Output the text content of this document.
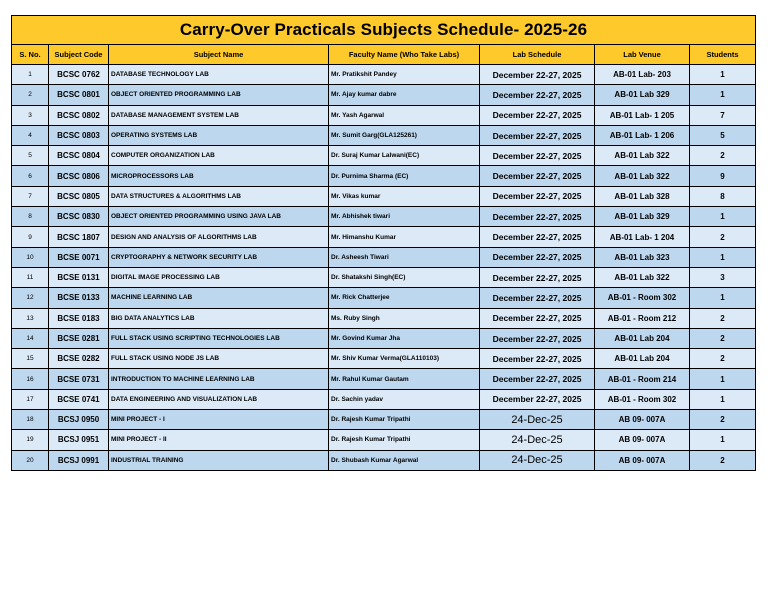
Carry-Over Practicals Subjects Schedule- 2025-26						
S. No.	Subject Code	Subject Name	Faculty Name (Who Take Labs)	Lab Schedule	Lab Venue	Students
1	BCSC 0762	DATABASE TECHNOLOGY LAB	Mr. Pratikshit Pandey	December 22-27, 2025	AB-01 Lab- 203	1
2	BCSC 0801	OBJECT ORIENTED PROGRAMMING LAB	Mr. Ajay kumar dabre	December 22-27, 2025	AB-01 Lab 329	1
3	BCSC 0802	DATABASE MANAGEMENT SYSTEM LAB	Mr. Yash Agarwal	December 22-27, 2025	AB-01 Lab- 1 205	7
4	BCSC 0803	OPERATING SYSTEMS LAB	Mr. Sumit Garg(GLA125261)	December 22-27, 2025	AB-01 Lab- 1 206	5
5	BCSC 0804	COMPUTER ORGANIZATION LAB	Dr. Suraj Kumar Lalwani(EC)	December 22-27, 2025	AB-01 Lab 322	2
6	BCSC 0806	MICROPROCESSORS LAB	Dr. Purnima Sharma (EC)	December 22-27, 2025	AB-01 Lab 322	9
7	BCSC 0805	DATA STRUCTURES & ALGORITHMS LAB	Mr. Vikas kumar	December 22-27, 2025	AB-01 Lab 328	8
8	BCSC 0830	OBJECT ORIENTED PROGRAMMING USING JAVA LAB	Mr. Abhishek tiwari	December 22-27, 2025	AB-01 Lab 329	1
9	BCSC 1807	DESIGN AND ANALYSIS OF ALGORITHMS LAB	Mr. Himanshu Kumar	December 22-27, 2025	AB-01 Lab- 1 204	2
10	BCSE 0071	CRYPTOGRAPHY & NETWORK SECURITY LAB	Dr. Asheesh Tiwari	December 22-27, 2025	AB-01 Lab 323	1
11	BCSE 0131	DIGITAL IMAGE PROCESSING LAB	Dr. Shatakshi Singh(EC)	December 22-27, 2025	AB-01 Lab 322	3
12	BCSE 0133	MACHINE LEARNING LAB	Mr. Rick Chatterjee	December 22-27, 2025	AB-01 - Room 302	1
13	BCSE 0183	BIG DATA ANALYTICS LAB	Ms. Ruby Singh	December 22-27, 2025	AB-01 - Room 212	2
14	BCSE 0281	FULL STACK USING SCRIPTING TECHNOLOGIES LAB	Mr. Govind Kumar Jha	December 22-27, 2025	AB-01 Lab 204	2
15	BCSE 0282	FULL STACK USING NODE JS LAB	Mr. Shiv Kumar Verma(GLA110103)	December 22-27, 2025	AB-01 Lab 204	2
16	BCSE 0731	INTRODUCTION TO MACHINE LEARNING LAB	Mr. Rahul Kumar Gautam	December 22-27, 2025	AB-01 - Room 214	1
17	BCSE 0741	DATA ENGINEERING AND VISUALIZATION LAB	Dr. Sachin yadav	December 22-27, 2025	AB-01 - Room 302	1
18	BCSJ 0950	MINI PROJECT - I	Dr. Rajesh Kumar Tripathi	24-Dec-25	AB 09- 007A	2
19	BCSJ 0951	MINI PROJECT - II	Dr. Rajesh Kumar Tripathi	24-Dec-25	AB 09- 007A	1
20	BCSJ 0991	INDUSTRIAL TRAINING	Dr. Shubash Kumar Agarwal	24-Dec-25	AB 09- 007A	2
